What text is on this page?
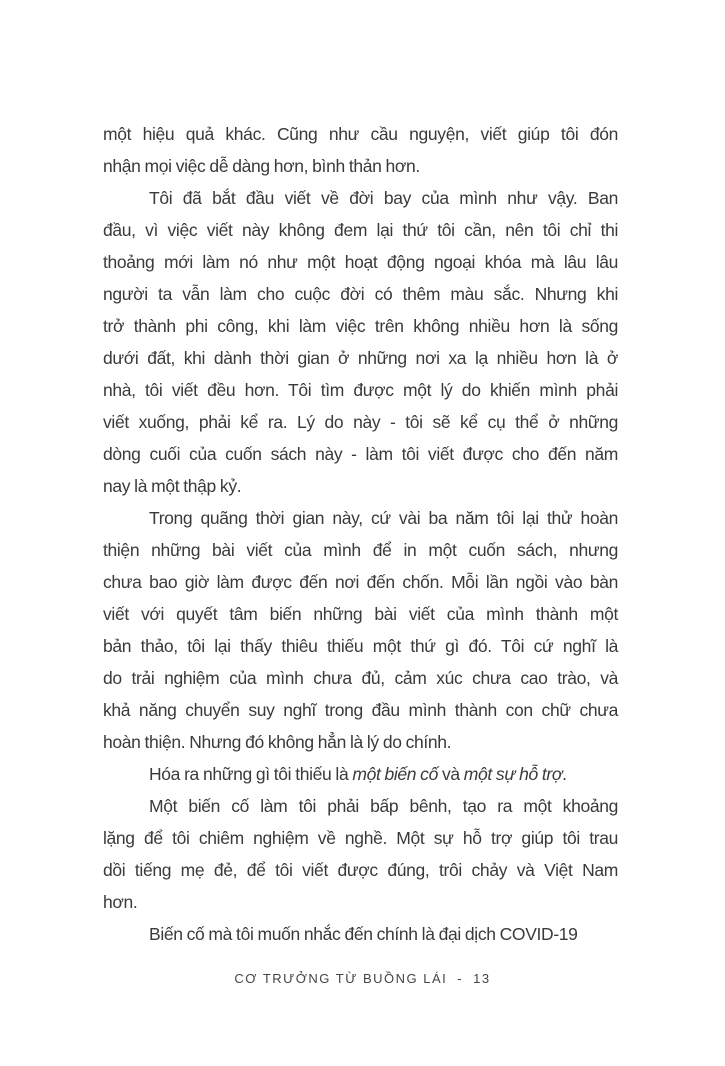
một hiệu quả khác. Cũng như cầu nguyện, viết giúp tôi đón
nhận mọi việc dễ dàng hơn, bình thản hơn.
Tôi đã bắt đầu viết về đời bay của mình như vậy. Ban
đầu, vì việc viết này không đem lại thứ tôi cần, nên tôi chỉ thi
thoảng mới làm nó như một hoạt động ngoại khóa mà lâu lâu
người ta vẫn làm cho cuộc đời có thêm màu sắc. Nhưng khi
trở thành phi công, khi làm việc trên không nhiều hơn là sống
dưới đất, khi dành thời gian ở những nơi xa lạ nhiều hơn là ở
nhà, tôi viết đều hơn. Tôi tìm được một lý do khiến mình phải
viết xuống, phải kể ra. Lý do này - tôi sẽ kể cụ thể ở những
dòng cuối của cuốn sách này - làm tôi viết được cho đến năm
nay là một thập kỷ.
Trong quãng thời gian này, cứ vài ba năm tôi lại thử hoàn
thiện những bài viết của mình để in một cuốn sách, nhưng
chưa bao giờ làm được đến nơi đến chốn. Mỗi lần ngồi vào bàn
viết với quyết tâm biến những bài viết của mình thành một
bản thảo, tôi lại thấy thiêu thiếu một thứ gì đó. Tôi cứ nghĩ là
do trải nghiệm của mình chưa đủ, cảm xúc chưa cao trào, và
khả năng chuyển suy nghĩ trong đầu mình thành con chữ chưa
hoàn thiện. Nhưng đó không hẳn là lý do chính.
Hóa ra những gì tôi thiếu là một biến cố và một sự hỗ trợ.
Một biến cố làm tôi phải bấp bênh, tạo ra một khoảng
lặng để tôi chiêm nghiệm về nghề. Một sự hỗ trợ giúp tôi trau
dồi tiếng mẹ đẻ, để tôi viết được đúng, trôi chảy và Việt Nam
hơn.
Biến cố mà tôi muốn nhắc đến chính là đại dịch COVID-19
CƠ TRƯỞNG TỪ BUỒNG LÁI - 13
